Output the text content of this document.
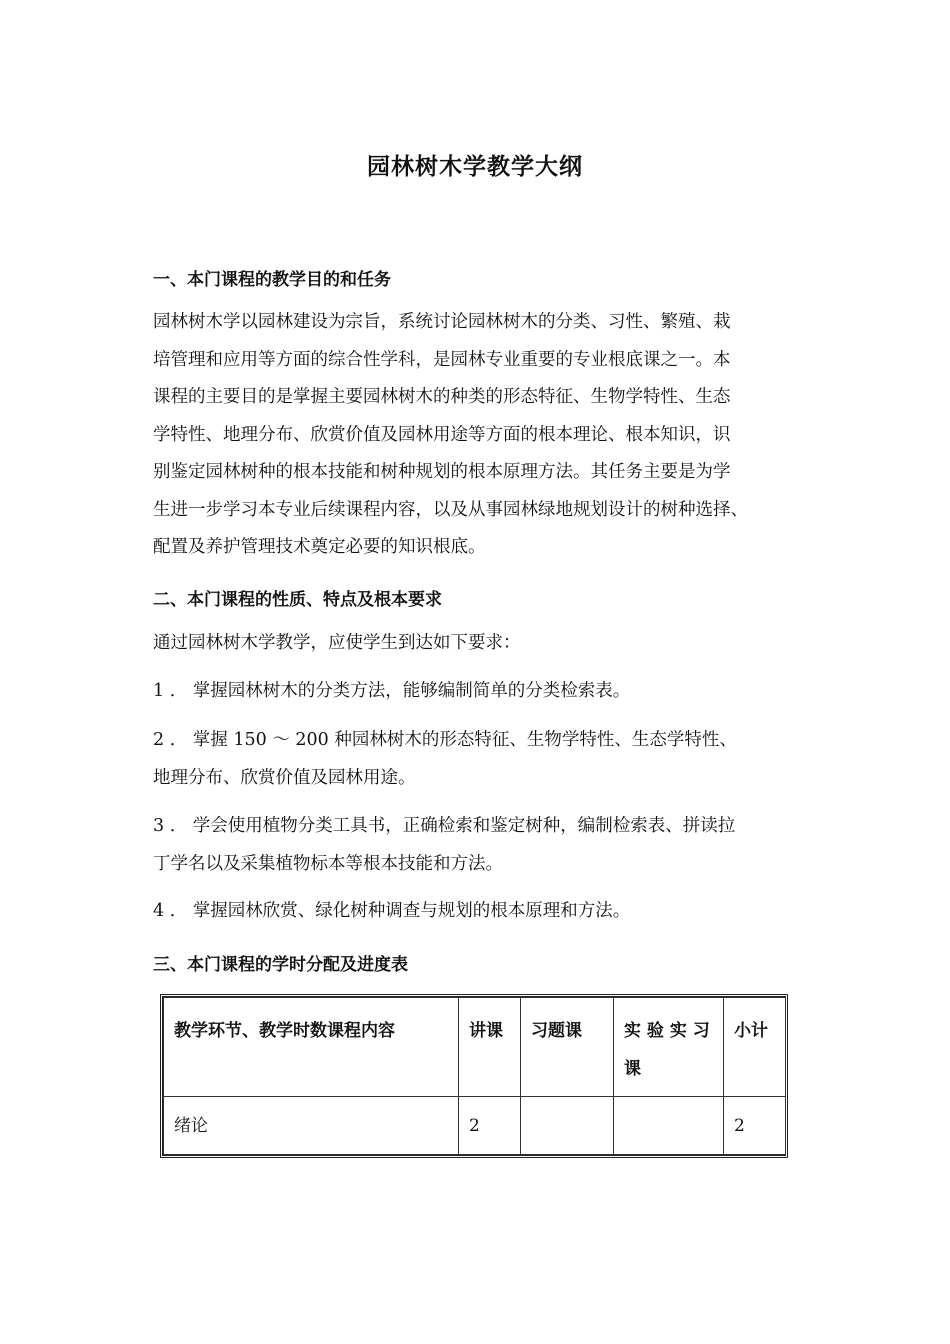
园林树木学教学大纲
一、本门课程的教学目的和任务

园林树木学以园林建设为宗旨，系统讨论园林树木的分类、习性、繁殖、栽
培管理和应用等方面的综合性学科，是园林专业重要的专业根底课之一。本
课程的主要目的是掌握主要园林树木的种类的形态特征、生物学特性、生态
学特性、地理分布、欣赏价值及园林用途等方面的根本理论、根本知识，识
别鉴定园林树种的根本技能和树种规划的根本原理方法。其任务主要是为学
生进一步学习本专业后续课程内容，以及从事园林绿地规划设计的树种选择、
配置及养护管理技术奠定必要的知识根底。

二、本门课程的性质、特点及根本要求

通过园林树木学教学，应使学生到达如下要求：

1 ． 掌握园林树木的分类方法，能够编制简单的分类检索表。

2 ． 掌握 150 ～ 200 种园林树木的形态特征、生物学特性、生态学特性、
地理分布、欣赏价值及园林用途。

3 ． 学会使用植物分类工具书，正确检索和鉴定树种，编制检索表、拼读拉
丁学名以及采集植物标本等根本技能和方法。

4 ． 掌握园林欣赏、绿化树种调查与规划的根本原理和方法。

三、本门课程的学时分配及进度表
教学环节、教学时数课程内容	讲课	习题课	实 验 实 习 课	小计
绪论	2			2
